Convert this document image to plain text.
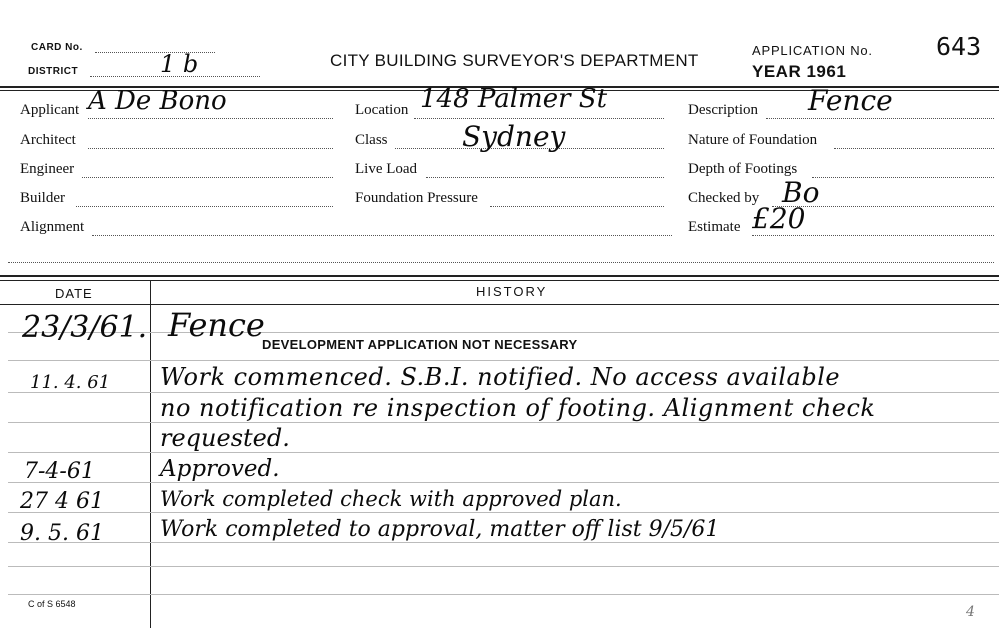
CARD No.
DISTRICT	1 b	CITY BUILDING SURVEYOR'S DEPARTMENT
APPLICATION No.	643
YEAR 1961
Applicant A De Bono
Architect
Engineer
Builder
Alignment
Location 148 Palmer St
Class	Sydney
Live Load
Foundation Pressure
Description Fence
Nature of Foundation
Depth of Footings
Checked by Bo
Estimate £20
DATE	HISTORY
23/3/61. Fence
DEVELOPMENT APPLICATION NOT NECESSARY
11. 4. 61 Work commenced. S.B.I. notified. No access available
no notification re inspection of footing. Alignment check
requested.
7-4-61	Approved.
27 4 61	Work completed check with approved plan.
9. 5. 61	Work completed to approval, matter off list 9/5/61
C of S 6548	4
